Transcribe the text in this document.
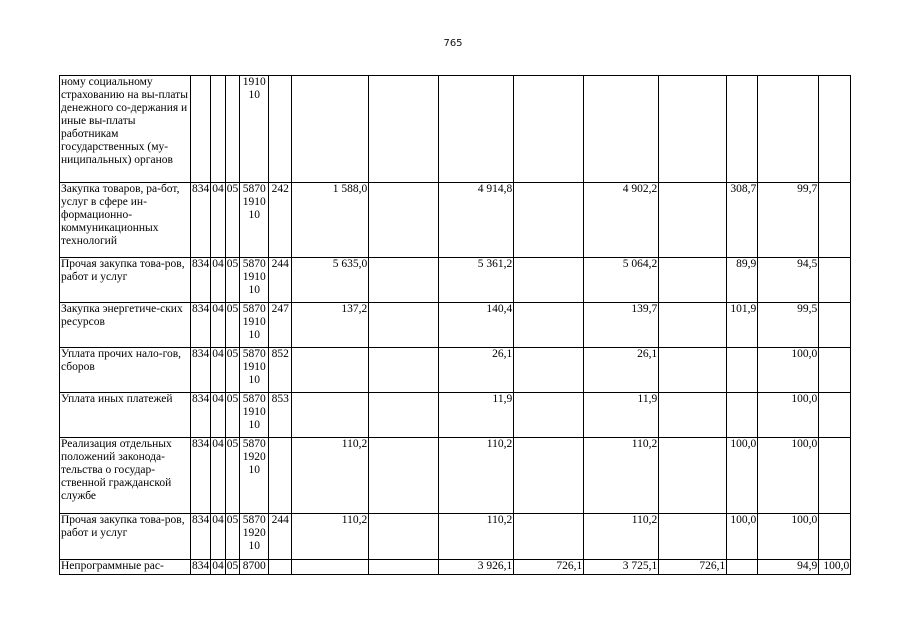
765
ному социальному страхованию на вы-платы денежного со-держания и иные вы-платы работникам государственных (му-ниципальных) органов				1910
10										

Закупка товаров, ра-бот, услуг в сфере ин-формационно-коммуникационных технологий	834	04	05	5870
1910
10	242	1 588,0		4 914,8		4 902,2		308,7	99,7	
Прочая закупка това-ров, работ и услуг	834	04	05	5870
1910
10	244	5 635,0		5 361,2		5 064,2		89,9	94,5	
Закупка энергетиче-ских ресурсов	834	04	05	5870
1910
10	247	137,2		140,4		139,7		101,9	99,5	
Уплата прочих нало-гов, сборов	834	04	05	5870
1910
10	852			26,1		26,1			100,0	
Уплата иных платежей	834	04	05	5870
1910
10	853			11,9		11,9			100,0	
Реализация отдельных положений законода-тельства о государ-ственной гражданской службе	834	04	05	5870
1920
10		110,2		110,2		110,2		100,0	100,0	
Прочая закупка това-ров, работ и услуг	834	04	05	5870
1920
10	244	110,2		110,2		110,2		100,0	100,0	
Непрограммные рас-	834	04	05	8700				3 926,1	726,1	3 725,1	726,1		94,9	100,0
